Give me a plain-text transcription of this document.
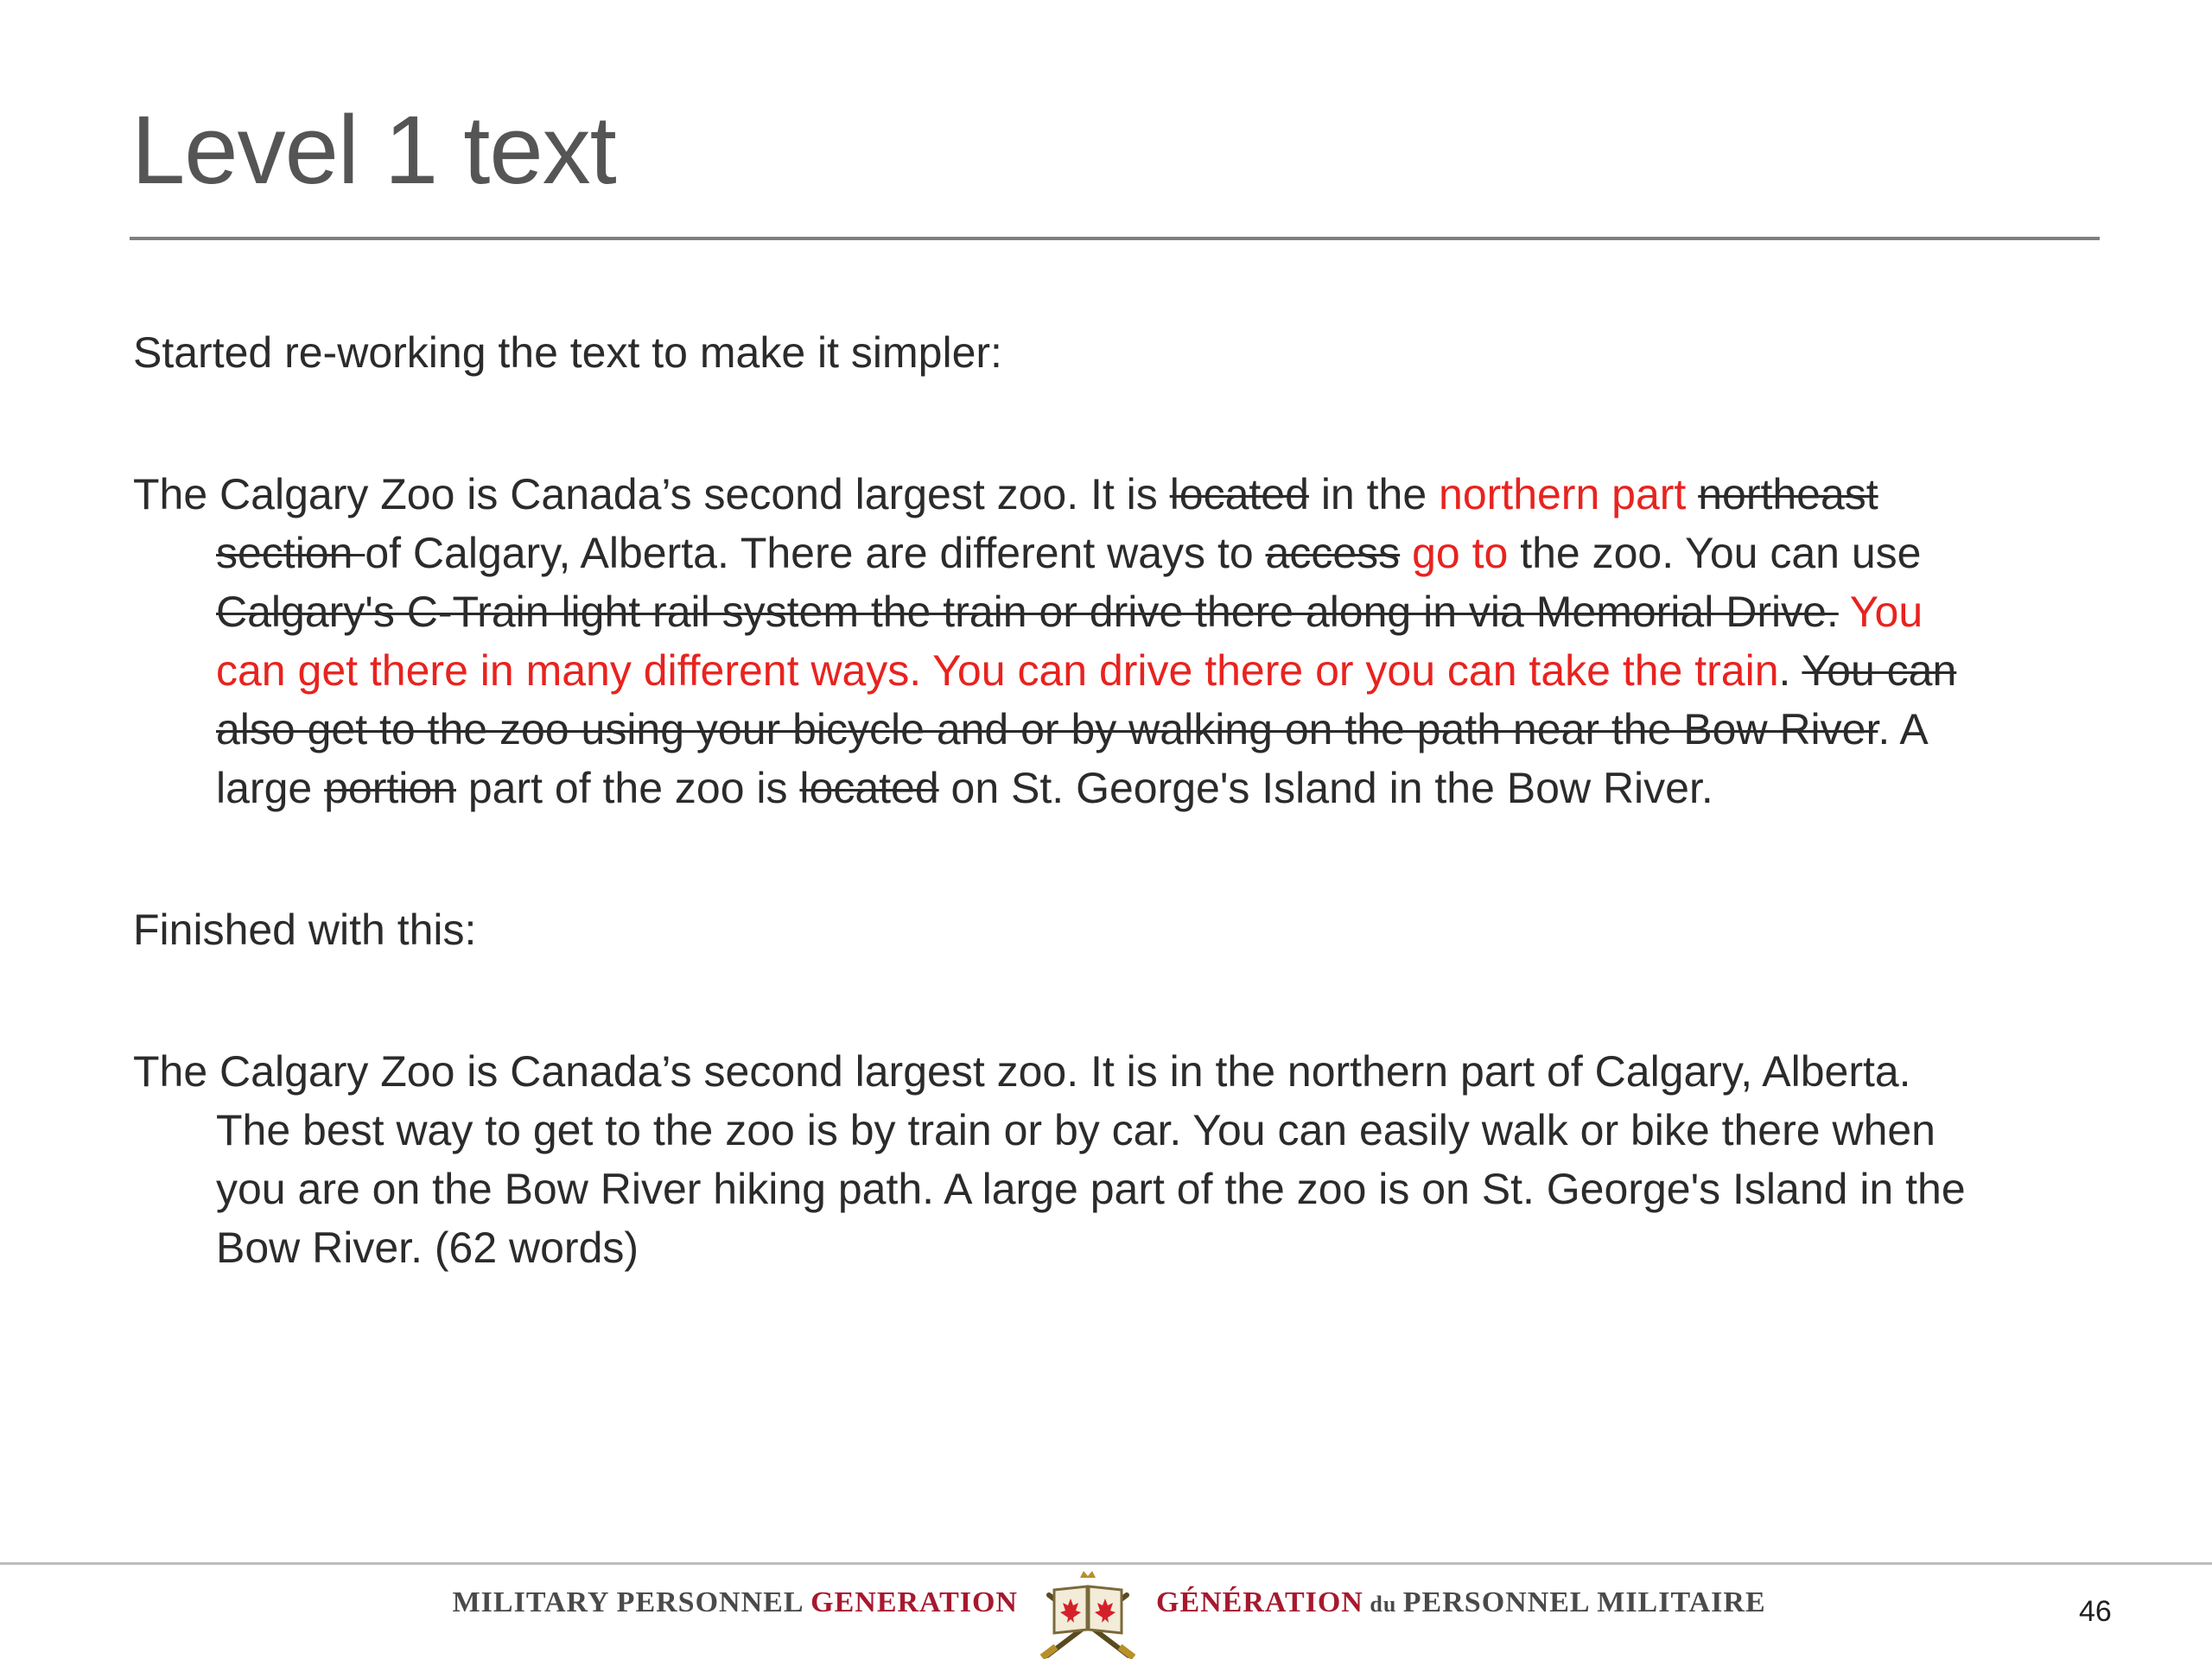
Level 1 text

Started re-working the text to make it simpler:

The Calgary Zoo is Canada’s second largest zoo. It is located in the northern part northeast section of Calgary, Alberta. There are different ways to access go to the zoo. You can use Calgary's C-Train light rail system the train or drive there along in via Memorial Drive. You can get there in many different ways. You can drive there or you can take the train. You can also get to the zoo using your bicycle and or by walking on the path near the Bow River. A large portion part of the zoo is located on St. George's Island in the Bow River.

Finished with this:

The Calgary Zoo is Canada’s second largest zoo. It is in the northern part of Calgary, Alberta. The best way to get to the zoo is by train or by car. You can easily walk or bike there when you are on the Bow River hiking path. A large part of the zoo is on St. George's Island in the Bow River. (62 words)

MILITARY PERSONNEL GENERATION	GÉNÉRATION du PERSONNEL MILITAIRE	46
